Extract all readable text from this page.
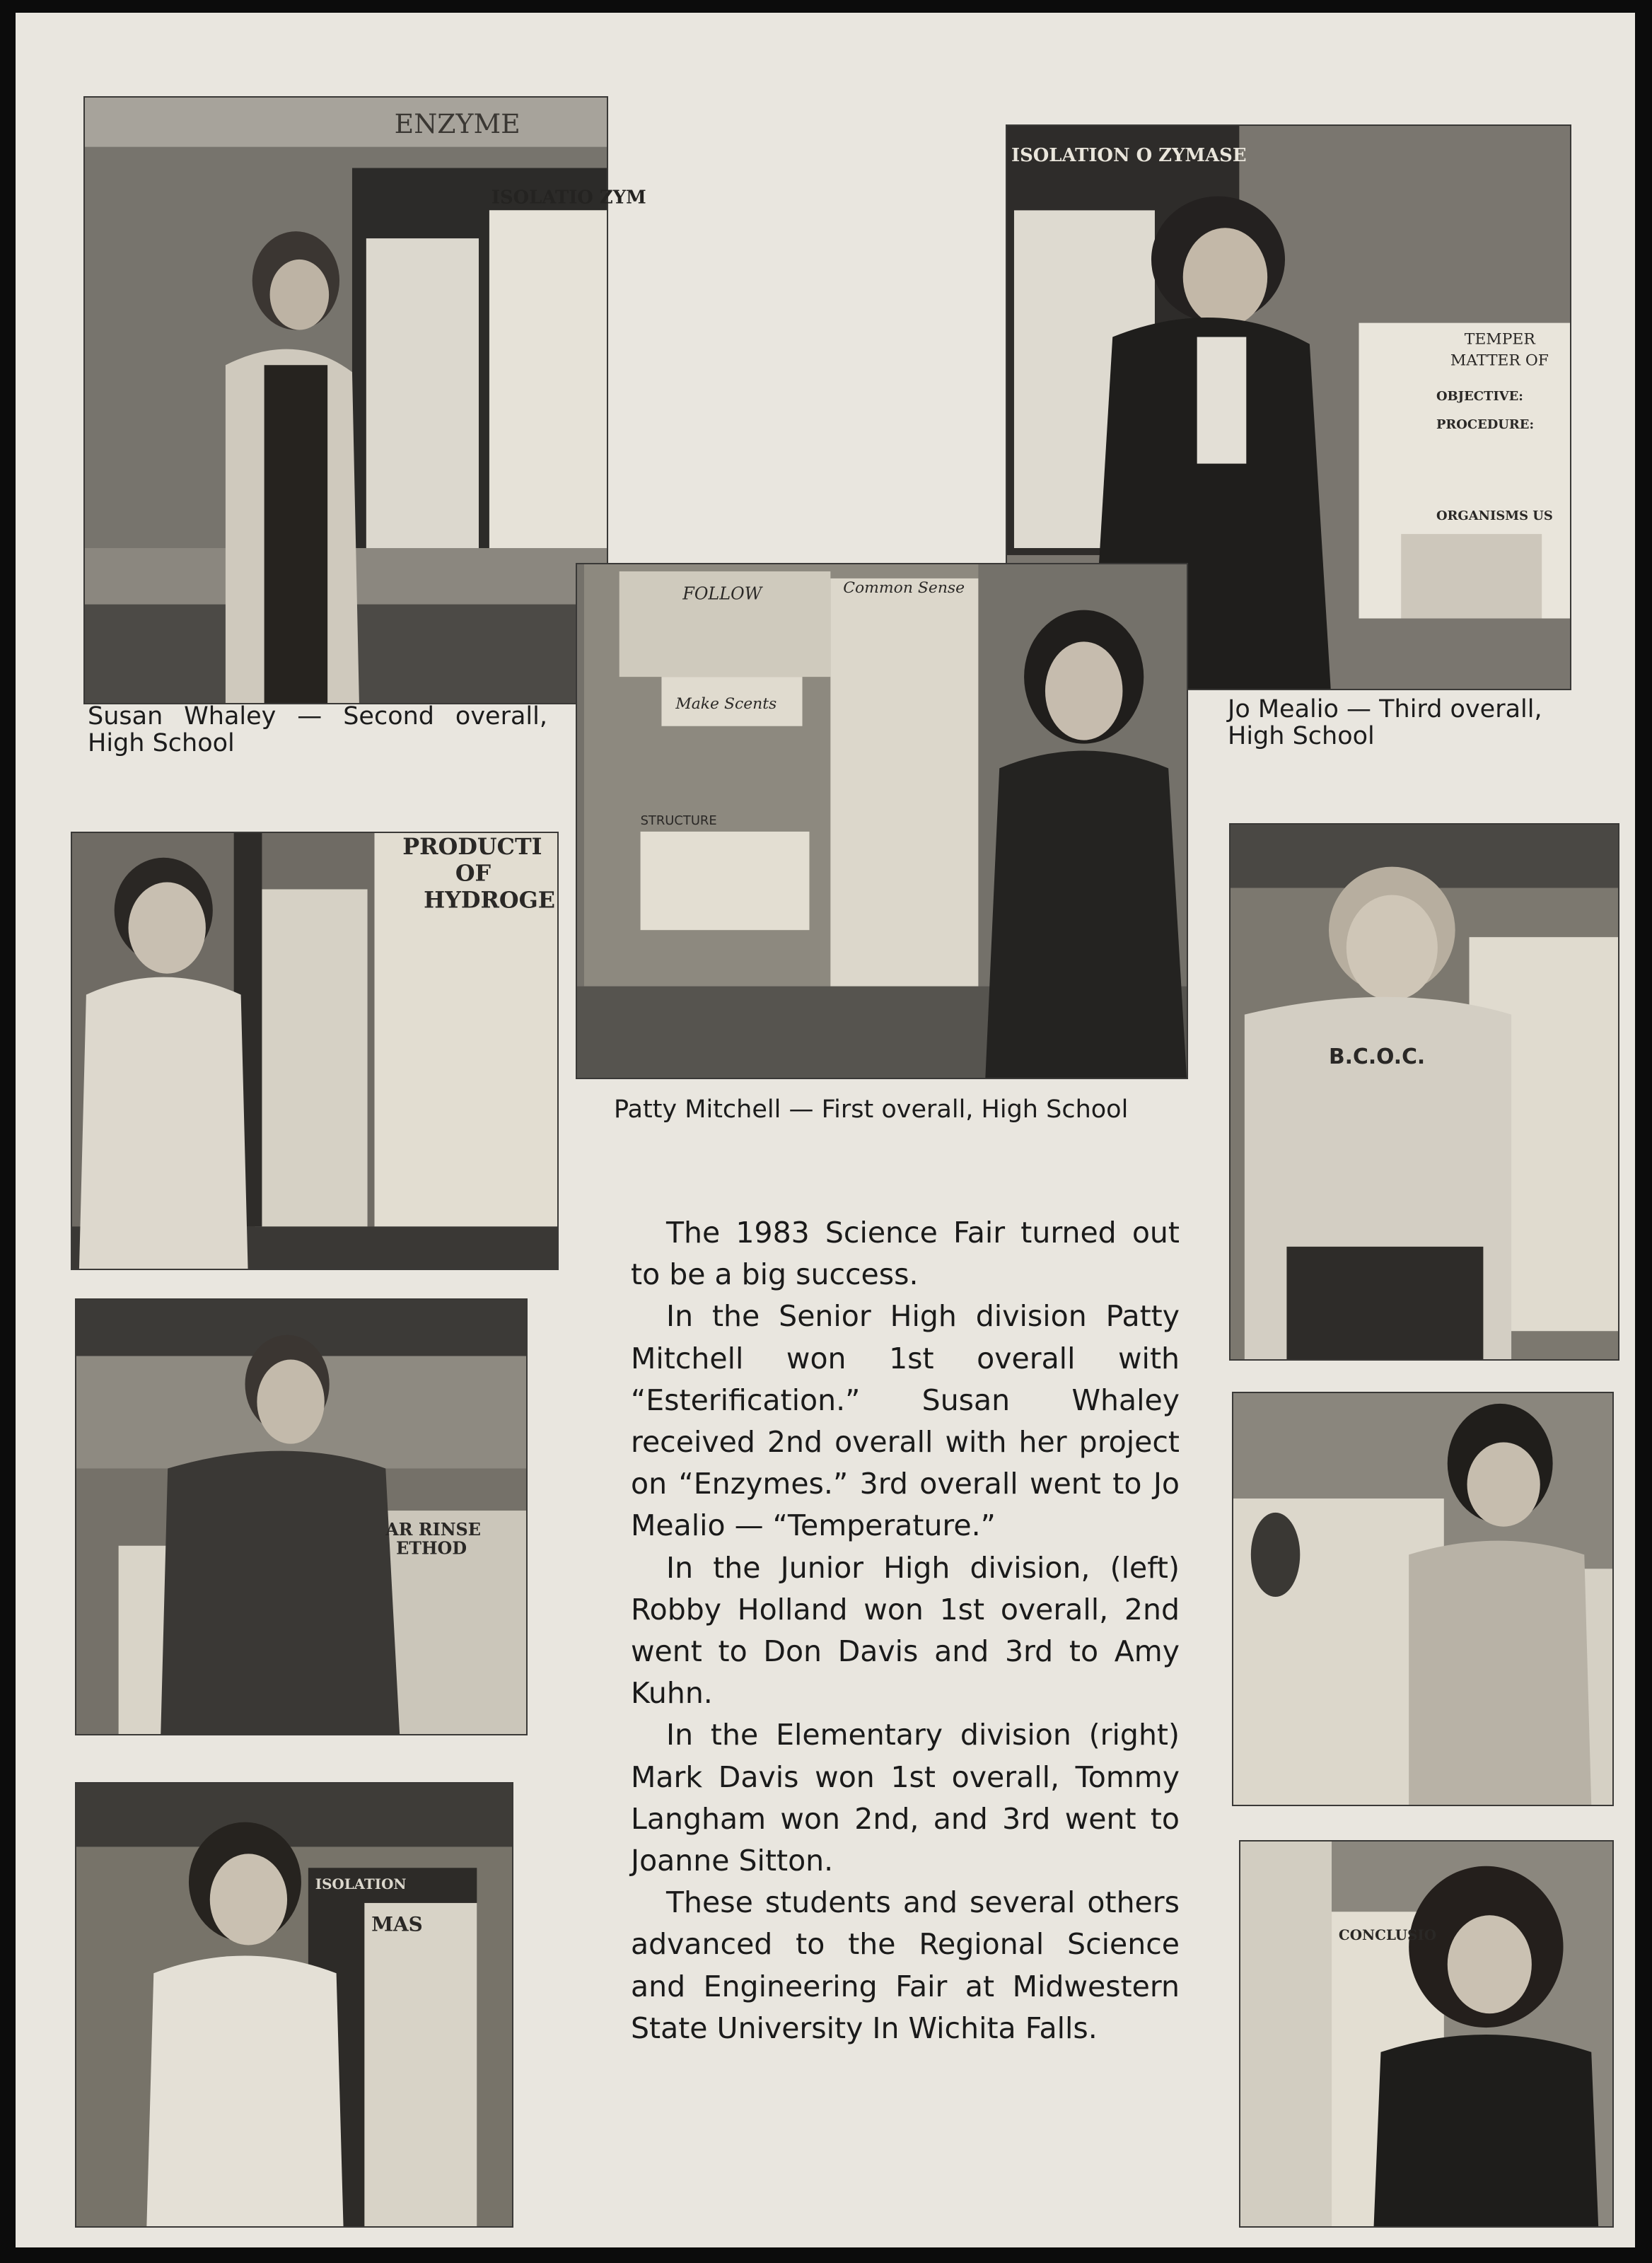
ENZYME
ISOLATIO ZYM
Susan Whaley — Second overall,
High School
ISOLATION O ZYMASE
TEMPER
MATTER OF
OBJECTIVE:
PROCEDURE:
ORGANISMS US
Jo Mealio — Third overall,
High School
FOLLOW	Common Sense
Make Scents
STRUCTURE
Patty Mitchell — First overall, High School
PRODUCTI
OF
HYDROGE
AR RINSE
ETHOD
ISOLATION
MAS
B.C.O.C.
CONCLUSIO

The 1983 Science Fair turned out to be a big success.

In the Senior High division Patty Mitchell won 1st overall with “Esterification.” Susan Whaley received 2nd overall with her project on “Enzymes.” 3rd overall went to Jo Mealio — “Temperature.”

In the Junior High division, (left) Robby Holland won 1st overall, 2nd went to Don Davis and 3rd to Amy Kuhn.

In the Elementary division (right) Mark Davis won 1st overall, Tommy Langham won 2nd, and 3rd went to Joanne Sitton.

These students and several others advanced to the Regional Science and Engineering Fair at Midwestern State University In Wichita Falls.
